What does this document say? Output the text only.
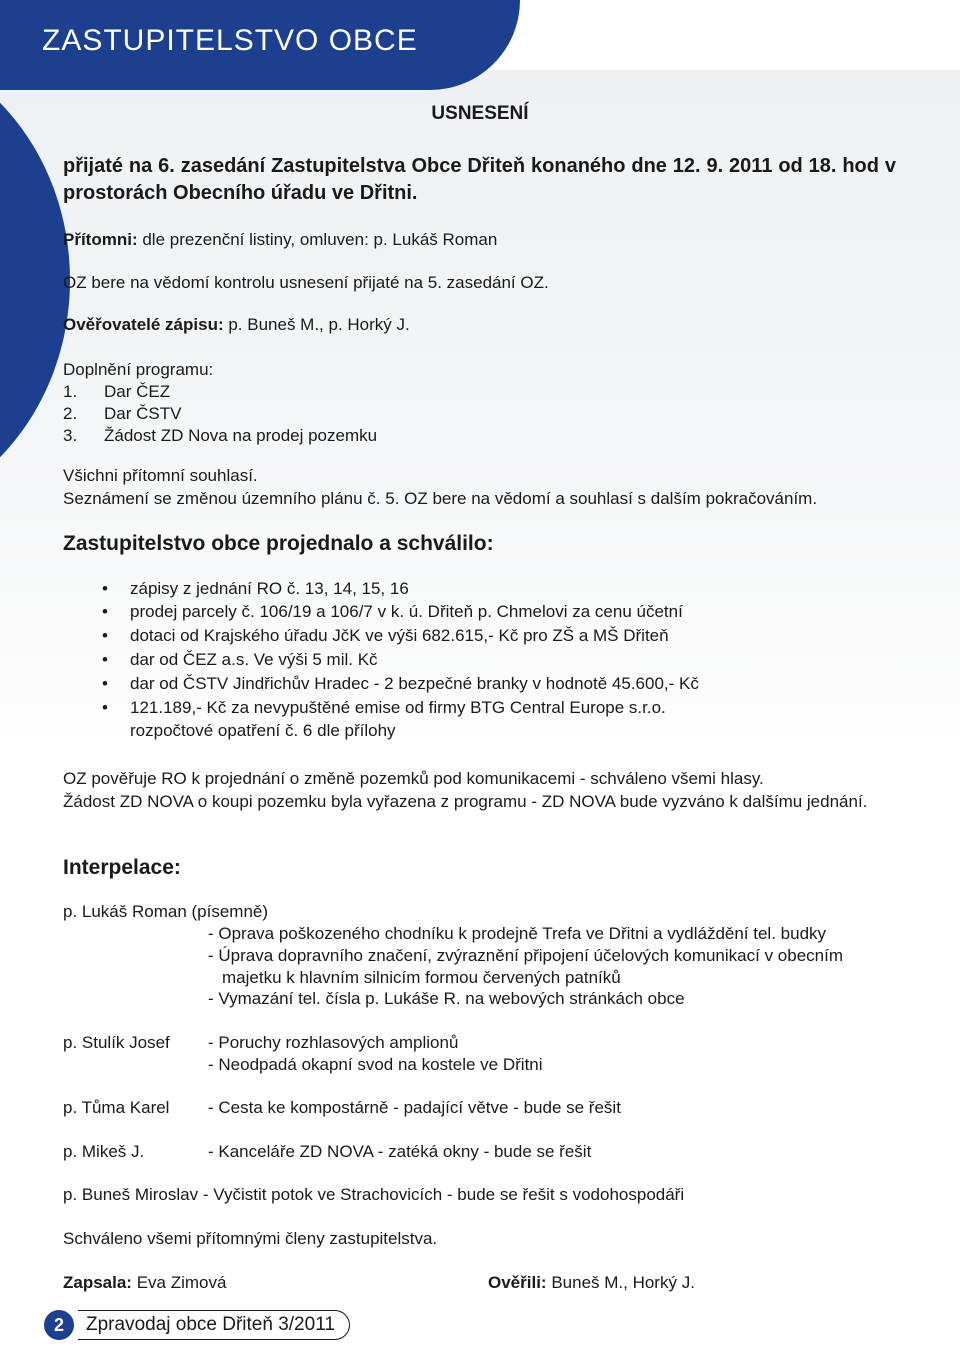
ZASTUPITELSTVO OBCE
USNESENÍ
přijaté na 6. zasedání Zastupitelstva Obce Dřiteň konaného dne 12. 9. 2011 od 18. hod v prostorách Obecního úřadu ve Dřitni.
Přítomni: dle prezenční listiny, omluven: p. Lukáš Roman
OZ bere na vědomí kontrolu usnesení přijaté na 5. zasedání OZ.
Ověřovatelé zápisu: p. Buneš M., p. Horký J.
Doplnění programu:
1. Dar ČEZ
2. Dar ČSTV
3. Žádost ZD Nova na prodej pozemku
Všichni přítomní souhlasí.
Seznámení se změnou územního plánu č. 5. OZ bere na vědomí a souhlasí s dalším pokračováním.
Zastupitelstvo obce projednalo a schválilo:
• zápisy z jednání RO č. 13, 14, 15, 16
• prodej parcely č. 106/19 a 106/7 v k. ú. Dřiteň p. Chmelovi za cenu účetní
• dotaci od Krajského úřadu JčK ve výši 682.615,- Kč pro ZŠ a MŠ Dřiteň
• dar od ČEZ a.s. Ve výši 5 mil. Kč
• dar od ČSTV Jindřichův Hradec - 2 bezpečné branky v hodnotě 45.600,- Kč
• 121.189,- Kč za nevypuštěné emise od firmy BTG Central Europe s.r.o.
rozpočtové opatření č. 6 dle přílohy
OZ pověřuje RO k projednání o změně pozemků pod komunikacemi - schváleno všemi hlasy.
Žádost ZD NOVA o koupi pozemku byla vyřazena z programu - ZD NOVA bude vyzváno k dalšímu jednání.
Interpelace:
p. Lukáš Roman (písemně)
- Oprava poškozeného chodníku k prodejně Trefa ve Dřitni a vydláždění tel. budky
- Úprava dopravního značení, zvýraznění připojení účelových komunikací v obecním
majetku k hlavním silnicím formou červených patníků
- Vymazání tel. čísla p. Lukáše R. na webových stránkách obce
p. Stulík Josef - Poruchy rozhlasových amplionů
- Neodpadá okapní svod na kostele ve Dřitni
p. Tůma Karel - Cesta ke kompostárně - padající větve - bude se řešit
p. Mikeš J.	- Kanceláře ZD NOVA - zatéká okny - bude se řešit
p. Buneš Miroslav - Vyčistit potok ve Strachovicích - bude se řešit s vodohospodáři
Schváleno všemi přítomnými členy zastupitelstva.
Zapsala: Eva Zimová	Ověřili: Buneš M., Horký J.
2	Zpravodaj obce Dřiteň 3/2011
